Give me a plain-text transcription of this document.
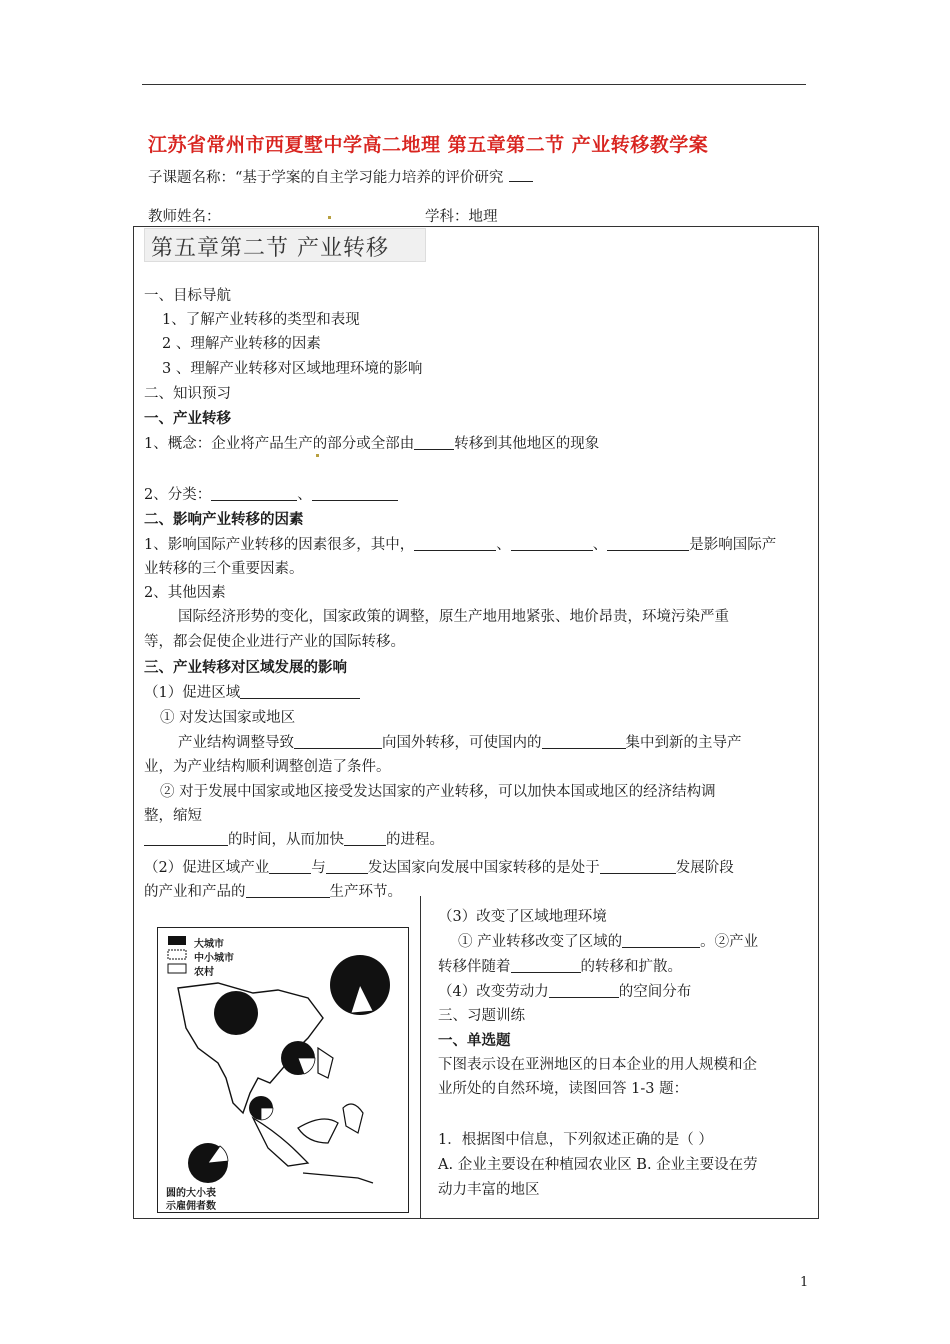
江苏省常州市西夏墅中学高二地理 第五章第二节 产业转移教学案
子课题名称：“基于学案的自主学习能力培养的评价研究
教师姓名：	学科：地理
第五章第二节 产业转移
一、目标导航
1、了解产业转移的类型和表现
2 、理解产业转移的因素
3 、理解产业转移对区域地理环境的影响
二、知识预习
一、产业转移
1、概念：企业将产品生产的部分或全部由	转移到其他地区的现象
2、分类：	、
二、影响产业转移的因素
1、影响国际产业转移的因素很多，其中，	、	、	是影响国际产
业转移的三个重要因素。
2、其他因素
国际经济形势的变化，国家政策的调整，原生产地用地紧张、地价昂贵，环境污染严重
等，都会促使企业进行产业的国际转移。
三、产业转移对区域发展的影响
（1）促进区域
① 对发达国家或地区
产业结构调整导致	向国外转移，可使国内的	集中到新的主导产
业，为产业结构顺利调整创造了条件。
② 对于发展中国家或地区接受发达国家的产业转移，可以加快本国或地区的经济结构调
整，缩短
的时间，从而加快	的进程。
（2）促进区域产业	与	发达国家向发展中国家转移的是处于	发展阶段
的产业和产品的	生产环节。
（3）改变了区域地理环境
① 产业转移改变了区域的	。②产业
转移伴随着	的转移和扩散。
（4）改变劳动力	的空间分布
三、习题训练
一、单选题
下图表示设在亚洲地区的日本企业的用人规模和企
业所处的自然环境，读图回答 1-3 题：
1．根据图中信息，下列叙述正确的是（ ）
A. 企业主要设在种植园农业区 B. 企业主要设在劳
动力丰富的地区
大城市
中小城市
农村
圆的大小表
示雇佣者数
1
